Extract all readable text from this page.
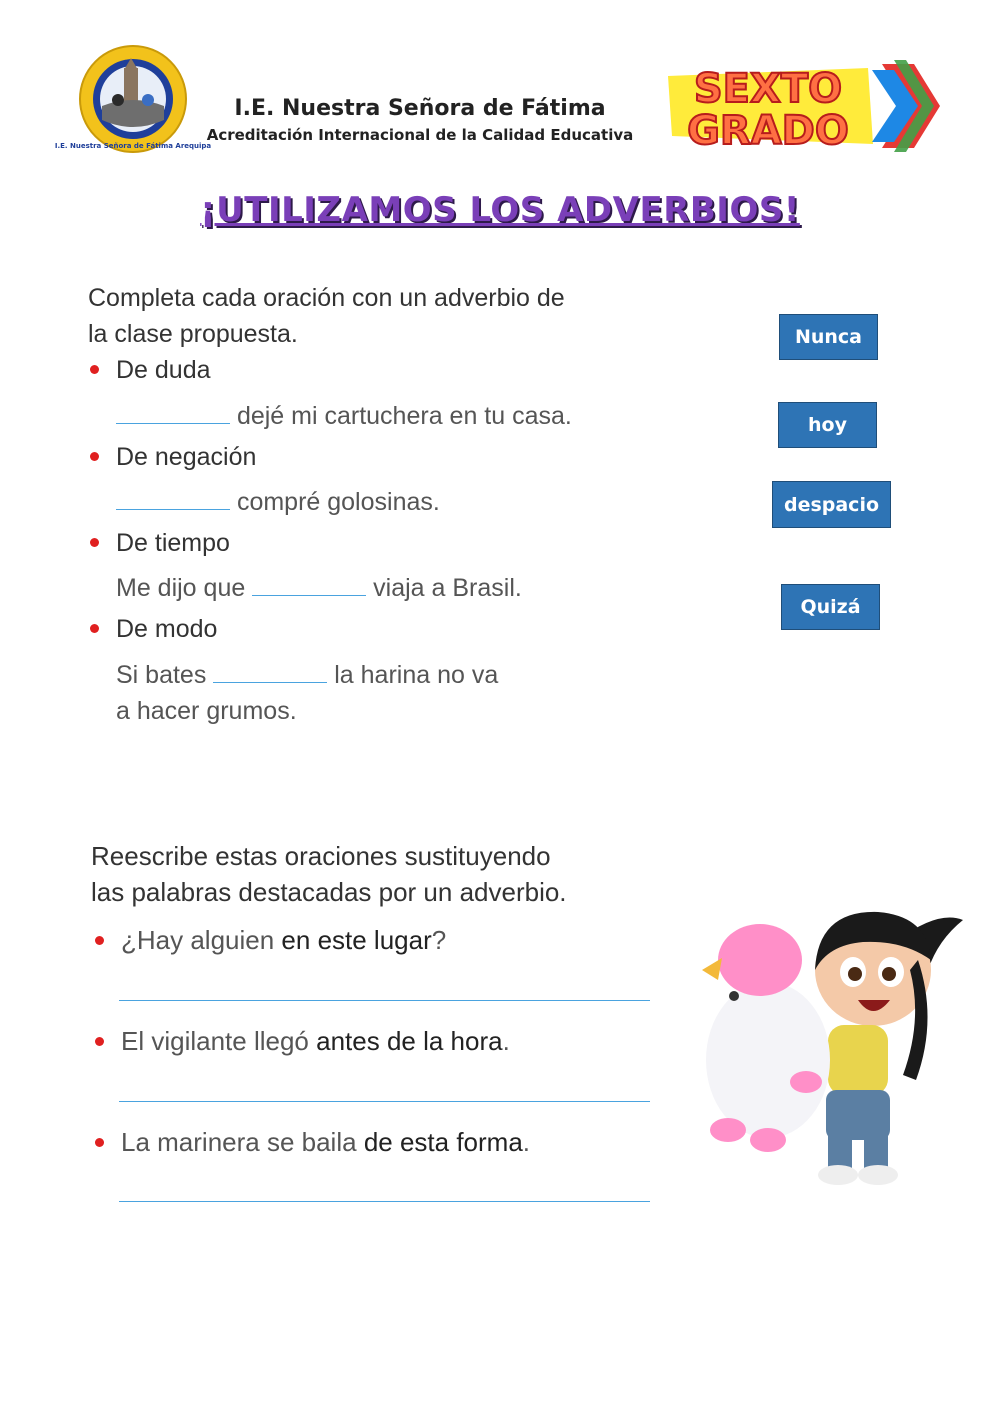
I.E. Nuestra Señora de Fátima Arequipa
I.E. Nuestra Señora de Fátima
Acreditación Internacional de la Calidad Educativa
SEXTO
GRADO
¡UTILIZAMOS LOS ADVERBIOS!
Completa cada oración con un adverbio de
la clase propuesta.
De duda
dejé mi cartuchera en tu casa.
De negación
compré golosinas.
De tiempo
Me dijo que	viaja a Brasil.
De modo
Si bates	la harina no va
a hacer grumos.
Nunca
hoy
despacio
Quizá
Reescribe estas oraciones sustituyendo
las palabras destacadas por un adverbio.
¿Hay alguien en este lugar?
El vigilante llegó antes de la hora.
La marinera se baila de esta forma.
